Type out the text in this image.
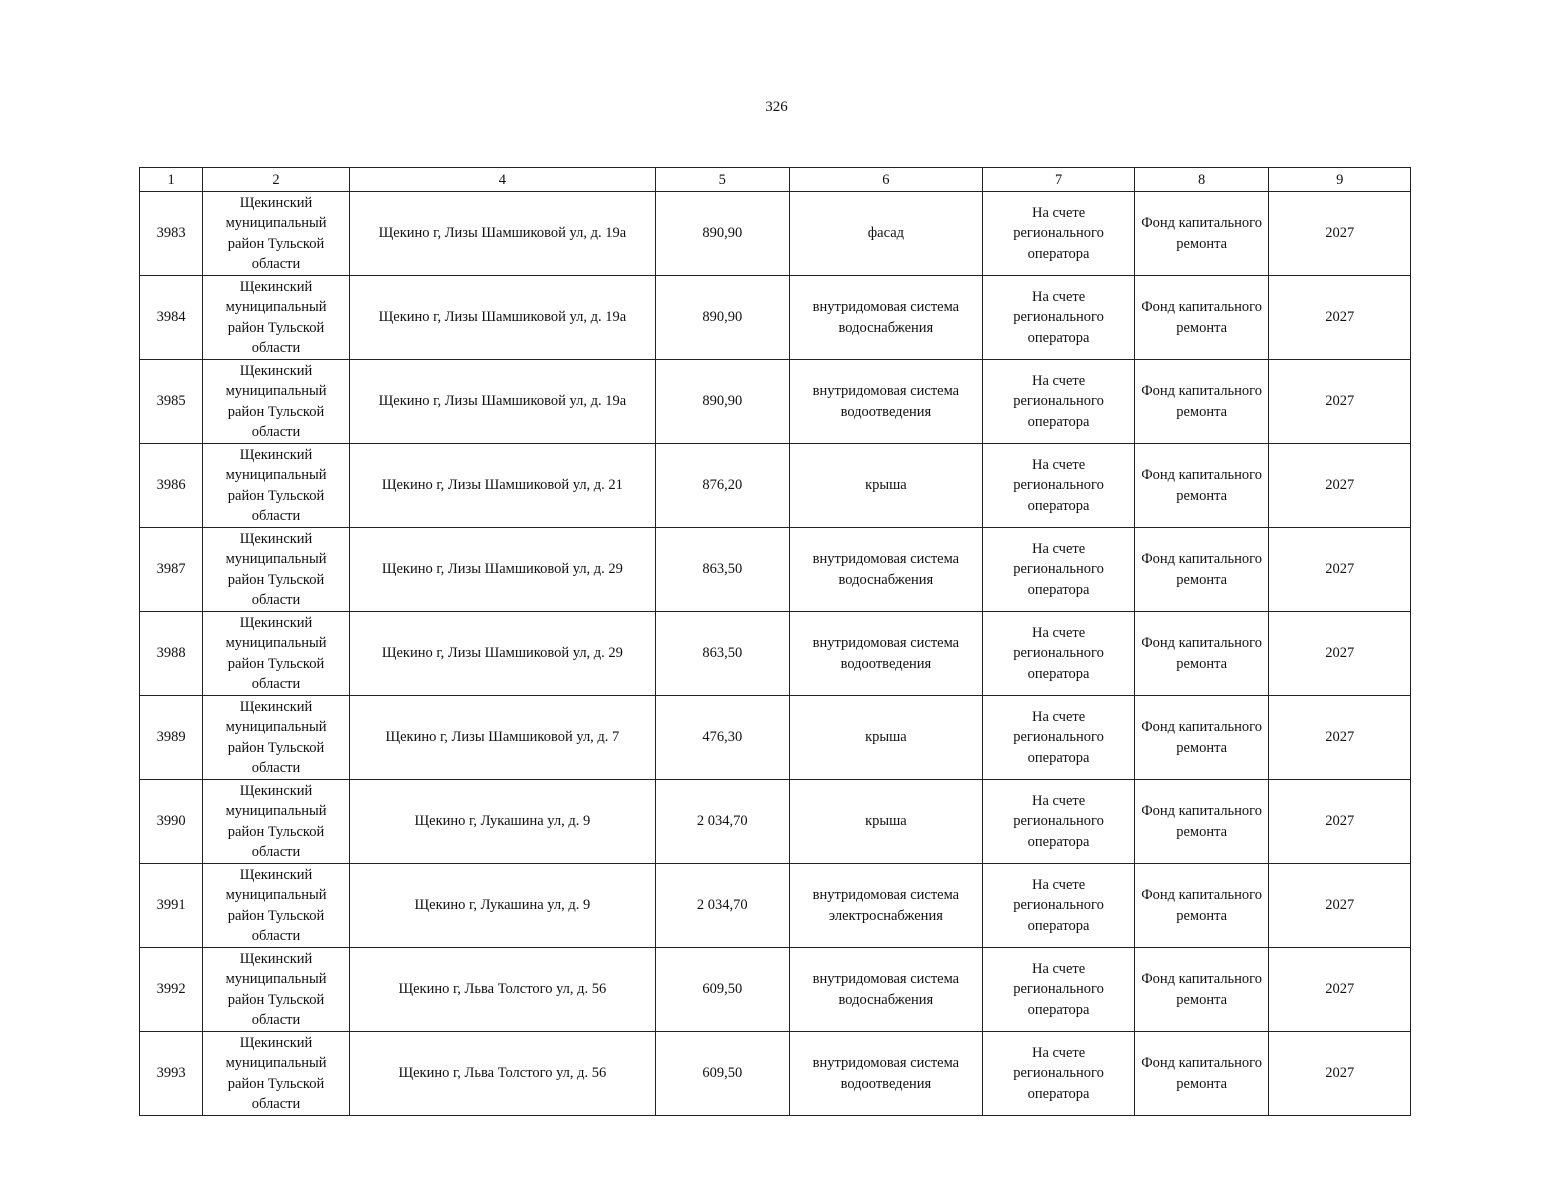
326
1	2	4	5	6	7	8	9
3983	Щекинский муниципальный район Тульской области	Щекино г, Лизы Шамшиковой ул, д. 19а	890,90	фасад	На счете регионального оператора	Фонд капитального ремонта	2027
3984	Щекинский муниципальный район Тульской области	Щекино г, Лизы Шамшиковой ул, д. 19а	890,90	внутридомовая система водоснабжения	На счете регионального оператора	Фонд капитального ремонта	2027
3985	Щекинский муниципальный район Тульской области	Щекино г, Лизы Шамшиковой ул, д. 19а	890,90	внутридомовая система водоотведения	На счете регионального оператора	Фонд капитального ремонта	2027
3986	Щекинский муниципальный район Тульской области	Щекино г, Лизы Шамшиковой ул, д. 21	876,20	крыша	На счете регионального оператора	Фонд капитального ремонта	2027
3987	Щекинский муниципальный район Тульской области	Щекино г, Лизы Шамшиковой ул, д. 29	863,50	внутридомовая система водоснабжения	На счете регионального оператора	Фонд капитального ремонта	2027
3988	Щекинский муниципальный район Тульской области	Щекино г, Лизы Шамшиковой ул, д. 29	863,50	внутридомовая система водоотведения	На счете регионального оператора	Фонд капитального ремонта	2027
3989	Щекинский муниципальный район Тульской области	Щекино г, Лизы Шамшиковой ул, д. 7	476,30	крыша	На счете регионального оператора	Фонд капитального ремонта	2027
3990	Щекинский муниципальный район Тульской области	Щекино г, Лукашина ул, д. 9	2 034,70	крыша	На счете регионального оператора	Фонд капитального ремонта	2027
3991	Щекинский муниципальный район Тульской области	Щекино г, Лукашина ул, д. 9	2 034,70	внутридомовая система электроснабжения	На счете регионального оператора	Фонд капитального ремонта	2027
3992	Щекинский муниципальный район Тульской области	Щекино г, Льва Толстого ул, д. 56	609,50	внутридомовая система водоснабжения	На счете регионального оператора	Фонд капитального ремонта	2027
3993	Щекинский муниципальный район Тульской области	Щекино г, Льва Толстого ул, д. 56	609,50	внутридомовая система водоотведения	На счете регионального оператора	Фонд капитального ремонта	2027
